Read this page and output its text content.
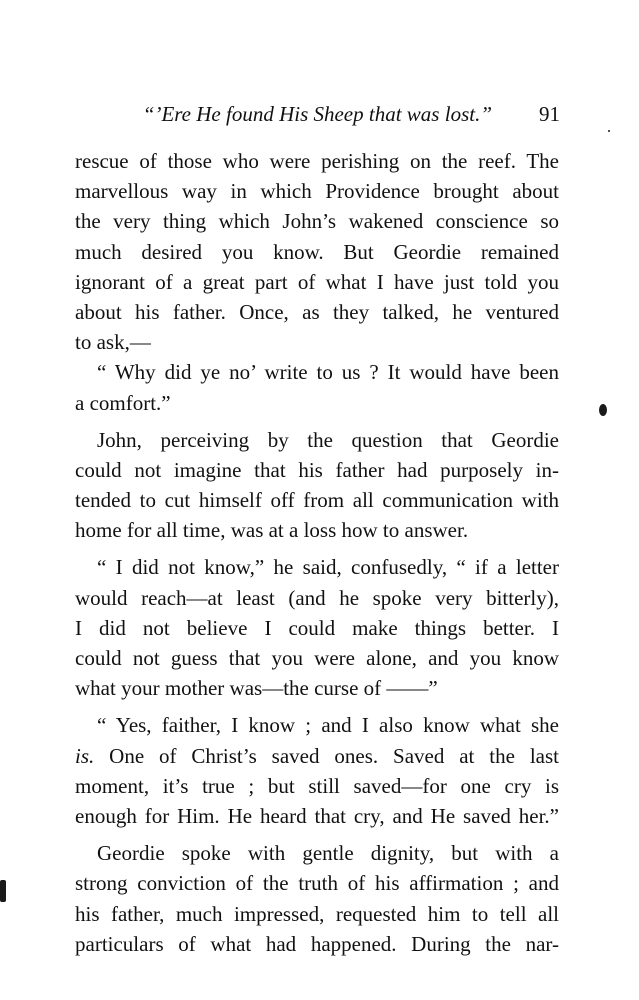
“’Ere He found His Sheep that was lost.” 91
rescue of those who were perishing on the reef. The
marvellous way in which Providence brought about
the very thing which John’s wakened conscience so
much desired you know. But Geordie remained
ignorant of a great part of what I have just told you
about his father. Once, as they talked, he ventured
to ask,—
“ Why did ye no’ write to us ? It would have been
a comfort.”
John, perceiving by the question that Geordie
could not imagine that his father had purposely in-
tended to cut himself off from all communication with
home for all time, was at a loss how to answer.
“ I did not know,” he said, confusedly, “ if a letter
would reach—at least (and he spoke very bitterly),
I did not believe I could make things better. I
could not guess that you were alone, and you know
what your mother was—the curse of ——”
“ Yes, faither, I know ; and I also know what she
is. One of Christ’s saved ones. Saved at the last
moment, it’s true ; but still saved—for one cry is
enough for Him. He heard that cry, and He saved her.”
Geordie spoke with gentle dignity, but with a
strong conviction of the truth of his affirmation ; and
his father, much impressed, requested him to tell all
particulars of what had happened. During the nar-
